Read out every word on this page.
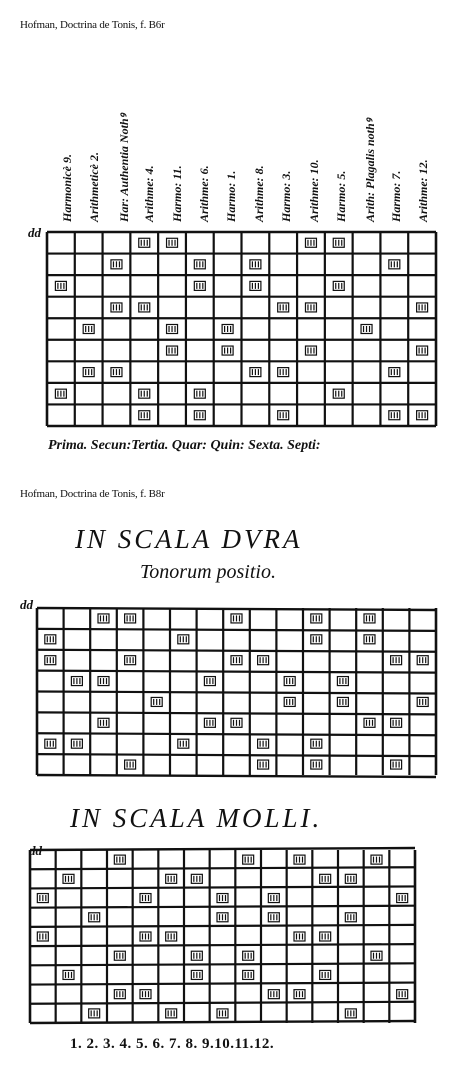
Hofman, Doctrina de Tonis, f. B6r
Harmonicè 9. Arithmeticè 2. Har: Authentia Nothꝰ Arithme: 4. Harmo: 11. Arithme: 6. Harmo: 1. Arithme: 8. Harmo: 3. Arithme: 10. Harmo: 5. Arith: Plagalis nothꝰ Harmo: 7. Arithme: 12.
dd
Prima. Secun:Tertia. Quar: Quin: Sexta. Septi:
Hofman, Doctrina de Tonis, f. B8r
IN SCALA DVRA
Tonorum positio.
dd
IN SCALA MOLLI.
dd
1. 2. 3. 4. 5. 6. 7. 8. 9.10.11.12.
